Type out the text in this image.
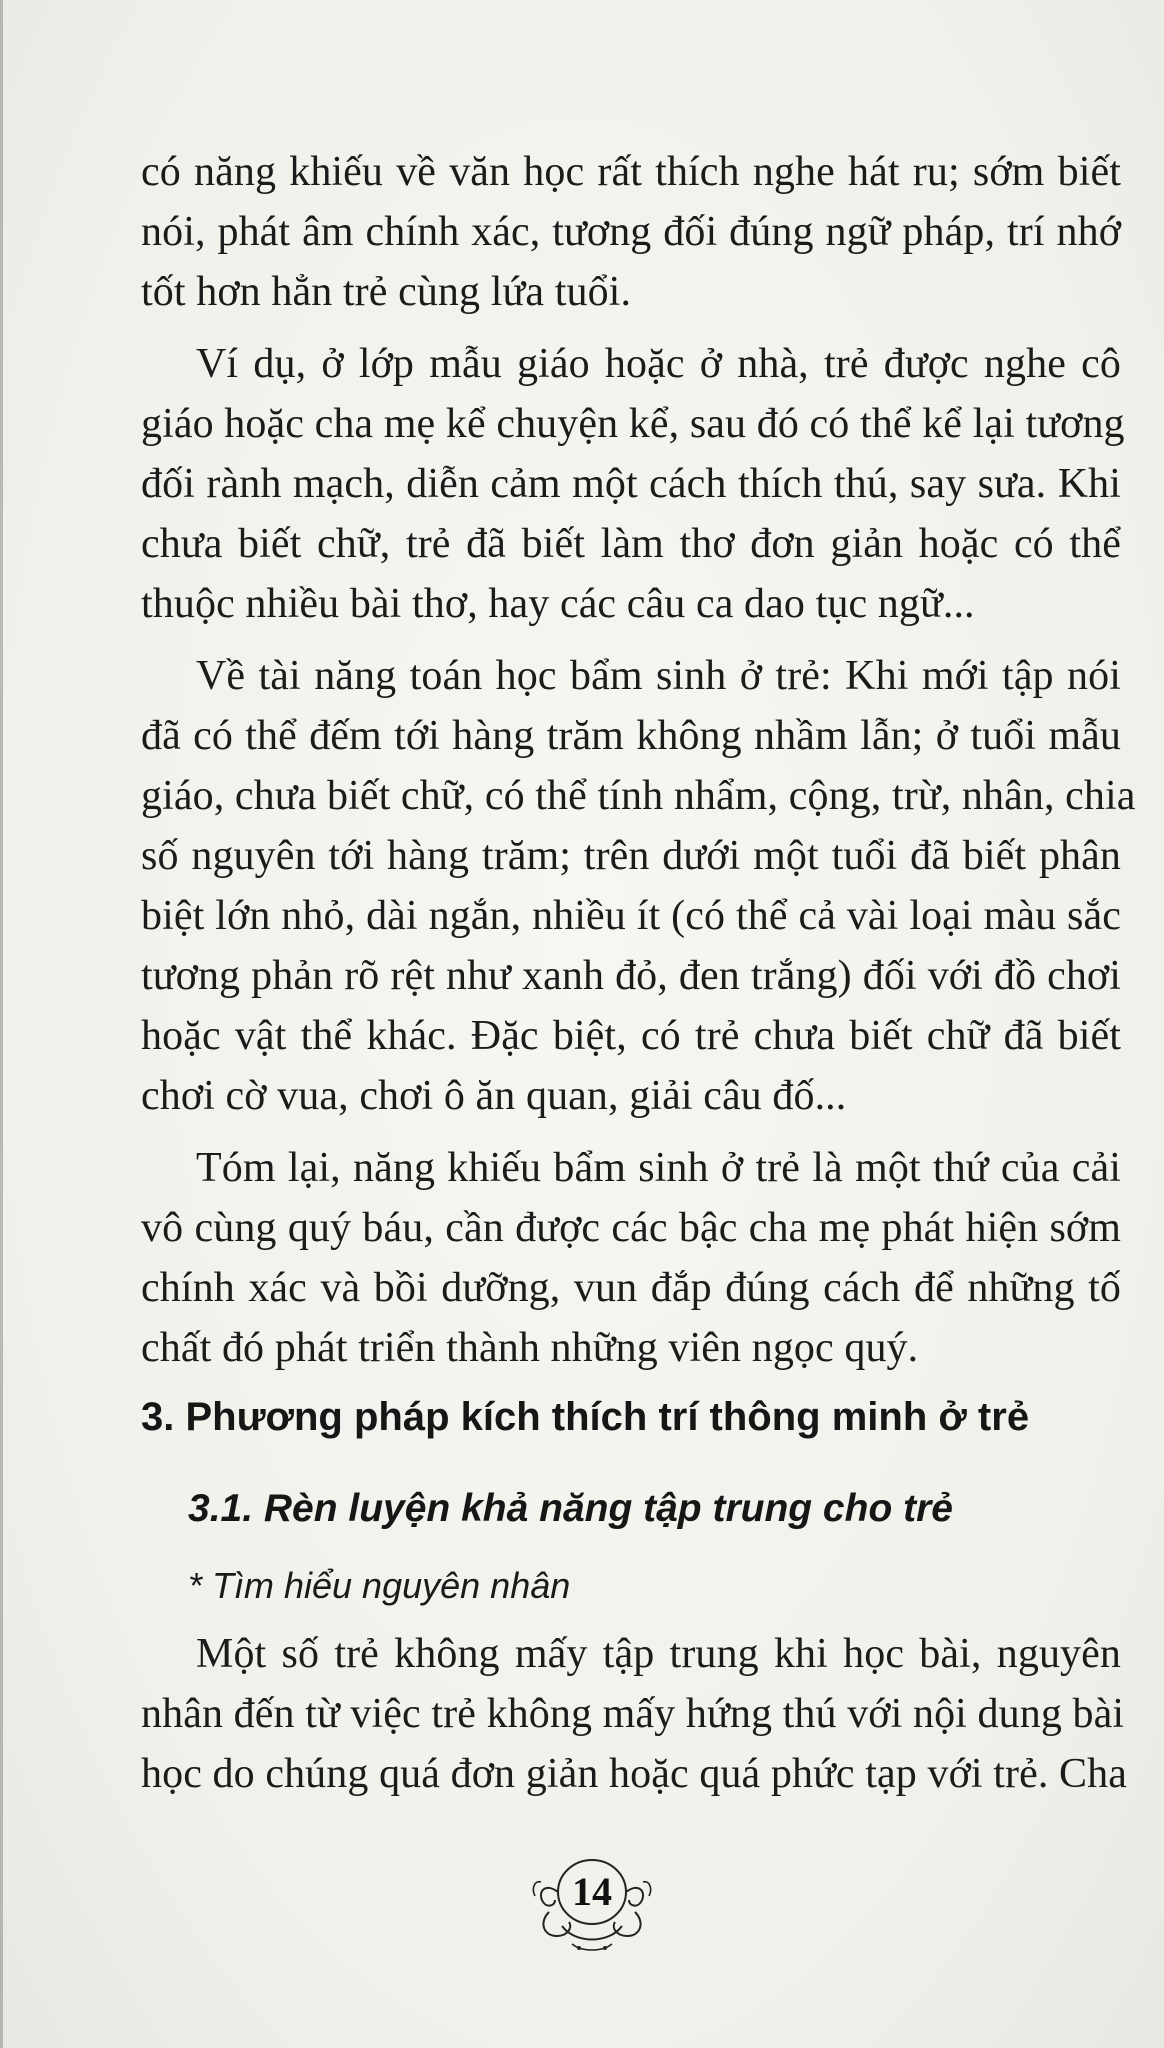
có năng khiếu về văn học rất thích nghe hát ru; sớm biết
nói, phát âm chính xác, tương đối đúng ngữ pháp, trí nhớ
tốt hơn hẳn trẻ cùng lứa tuổi.
Ví dụ, ở lớp mẫu giáo hoặc ở nhà, trẻ được nghe cô
giáo hoặc cha mẹ kể chuyện kể, sau đó có thể kể lại tương
đối rành mạch, diễn cảm một cách thích thú, say sưa. Khi
chưa biết chữ, trẻ đã biết làm thơ đơn giản hoặc có thể
thuộc nhiều bài thơ, hay các câu ca dao tục ngữ...
Về tài năng toán học bẩm sinh ở trẻ: Khi mới tập nói
đã có thể đếm tới hàng trăm không nhầm lẫn; ở tuổi mẫu
giáo, chưa biết chữ, có thể tính nhẩm, cộng, trừ, nhân, chia
số nguyên tới hàng trăm; trên dưới một tuổi đã biết phân
biệt lớn nhỏ, dài ngắn, nhiều ít (có thể cả vài loại màu sắc
tương phản rõ rệt như xanh đỏ, đen trắng) đối với đồ chơi
hoặc vật thể khác. Đặc biệt, có trẻ chưa biết chữ đã biết
chơi cờ vua, chơi ô ăn quan, giải câu đố...
Tóm lại, năng khiếu bẩm sinh ở trẻ là một thứ của cải
vô cùng quý báu, cần được các bậc cha mẹ phát hiện sớm
chính xác và bồi dưỡng, vun đắp đúng cách để những tố
chất đó phát triển thành những viên ngọc quý.
3. Phương pháp kích thích trí thông minh ở trẻ
3.1. Rèn luyện khả năng tập trung cho trẻ
* Tìm hiểu nguyên nhân
Một số trẻ không mấy tập trung khi học bài, nguyên
nhân đến từ việc trẻ không mấy hứng thú với nội dung bài
học do chúng quá đơn giản hoặc quá phức tạp với trẻ. Cha
14
